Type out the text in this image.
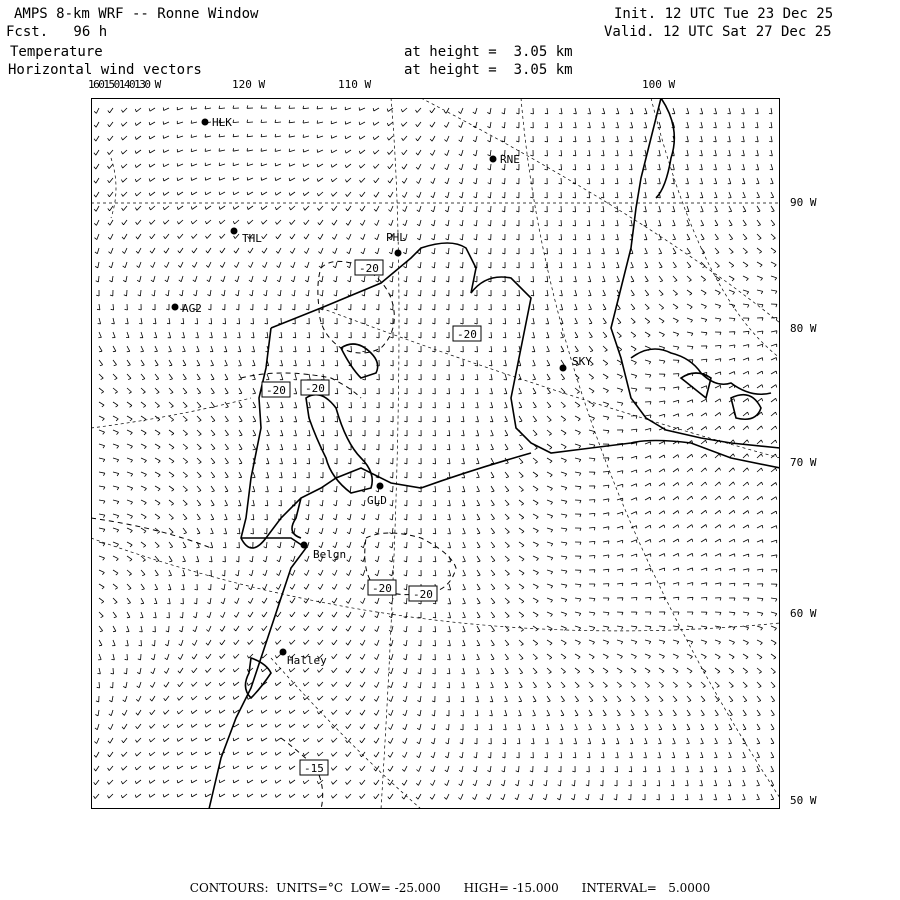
AMPS 8-km WRF -- Ronne Window
Fcst.   96 h
Temperature
Horizontal wind vectors
at height =  3.05 km
at height =  3.05 km
Init. 12 UTC Tue 23 Dec 25
Valid. 12 UTC Sat 27 Dec 25
160150140130 W	120 W	110 W	100 W
90 W
80 W
70 W
60 W
50 W
HLK
RNE
THL	PHL
AG2
SKY
GLD
Belgn
Halley
-20
-20
-20 -20
-20 -20
-15
CONTOURS:  UNITS=°C  LOW= -25.000      HIGH= -15.000      INTERVAL=   5.0000
